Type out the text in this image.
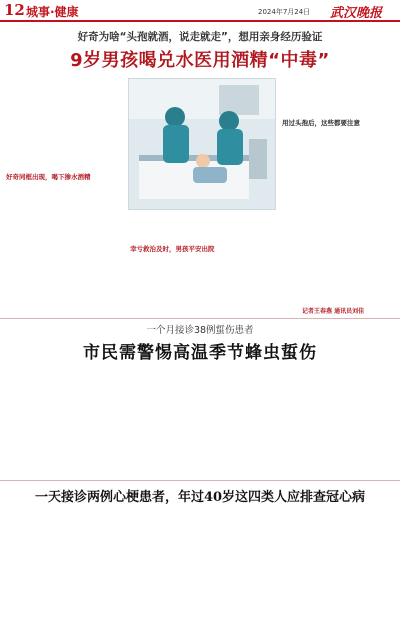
12 城事·健康	2024年7月24日 武汉晚报
好奇为啥“头孢就酒，说走就走”，想用亲身经历验证
9岁男孩喝兑水医用酒精“中毒”
好奇同框出现，喝下掺水酒精
幸亏救治及时，男孩平安出院
用过头孢后，这些都要注意
记者王春燕 通讯员刘佳
一个月接诊38例蜇伤患者
市民需警惕高温季节蜂虫蜇伤
一天接诊两例心梗患者，年过40岁这四类人应排查冠心病
